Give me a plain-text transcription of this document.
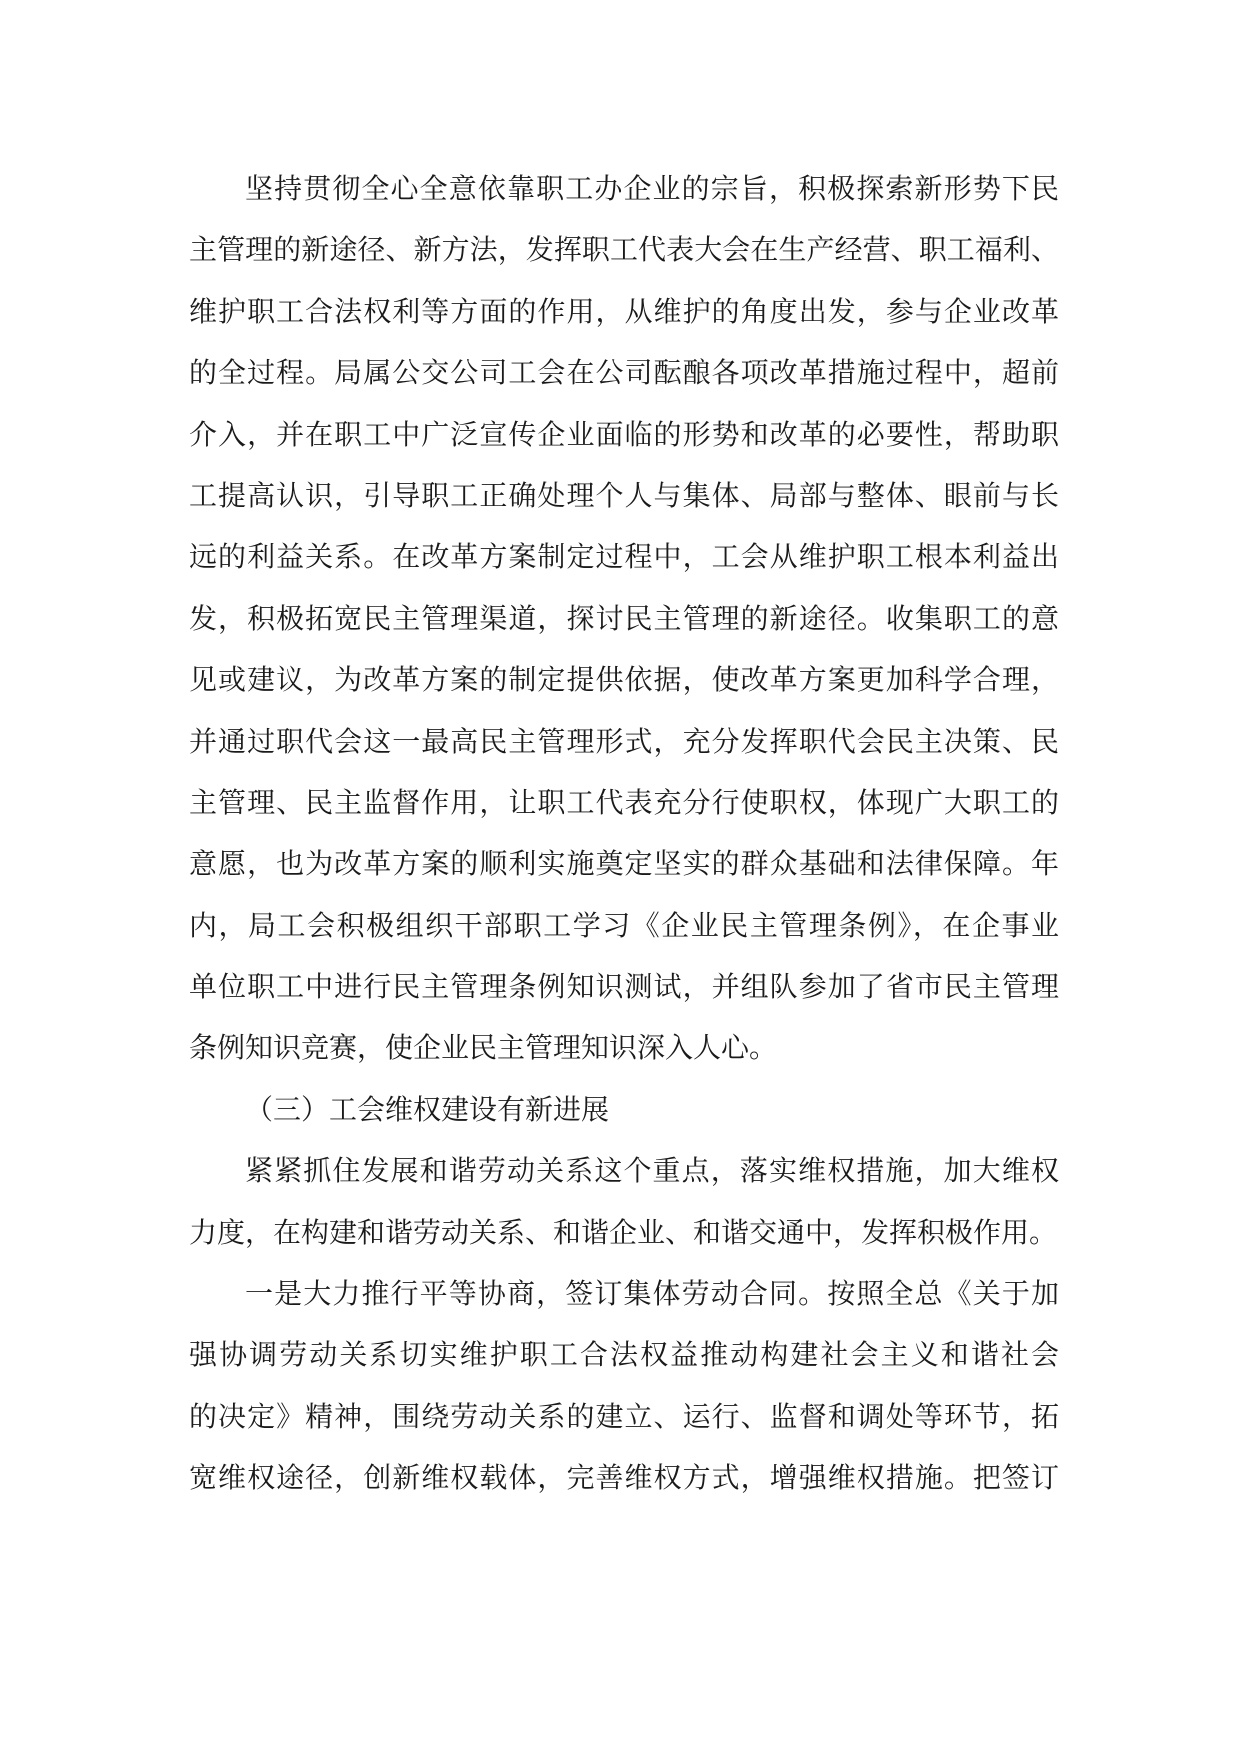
坚持贯彻全心全意依靠职工办企业的宗旨，积极探索新形势下民
主管理的新途径、新方法，发挥职工代表大会在生产经营、职工福利、
维护职工合法权利等方面的作用，从维护的角度出发，参与企业改革
的全过程。局属公交公司工会在公司酝酿各项改革措施过程中，超前
介入，并在职工中广泛宣传企业面临的形势和改革的必要性，帮助职
工提高认识，引导职工正确处理个人与集体、局部与整体、眼前与长
远的利益关系。在改革方案制定过程中，工会从维护职工根本利益出
发，积极拓宽民主管理渠道，探讨民主管理的新途径。收集职工的意
见或建议，为改革方案的制定提供依据，使改革方案更加科学合理，
并通过职代会这一最高民主管理形式，充分发挥职代会民主决策、民
主管理、民主监督作用，让职工代表充分行使职权，体现广大职工的
意愿，也为改革方案的顺利实施奠定坚实的群众基础和法律保障。年
内，局工会积极组织干部职工学习《企业民主管理条例》，在企事业
单位职工中进行民主管理条例知识测试，并组队参加了省市民主管理
条例知识竞赛，使企业民主管理知识深入人心。
（三）工会维权建设有新进展
紧紧抓住发展和谐劳动关系这个重点，落实维权措施，加大维权
力度，在构建和谐劳动关系、和谐企业、和谐交通中，发挥积极作用。
一是大力推行平等协商，签订集体劳动合同。按照全总《关于加
强协调劳动关系切实维护职工合法权益推动构建社会主义和谐社会
的决定》精神，围绕劳动关系的建立、运行、监督和调处等环节，拓
宽维权途径，创新维权载体，完善维权方式，增强维权措施。把签订
